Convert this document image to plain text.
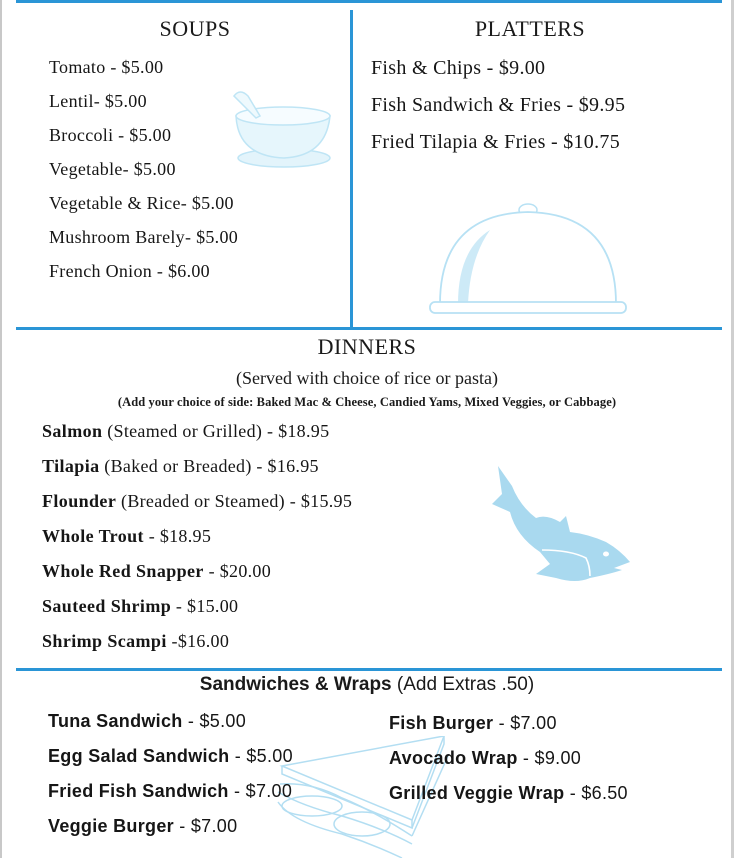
SOUPS
Tomato - $5.00
Lentil- $5.00
Broccoli - $5.00
Vegetable- $5.00
Vegetable & Rice- $5.00
Mushroom Barely- $5.00
French Onion - $6.00
PLATTERS
Fish & Chips - $9.00
Fish Sandwich & Fries - $9.95
Fried Tilapia & Fries - $10.75
DINNERS
(Served with choice of rice or pasta)
(Add your choice of side: Baked Mac & Cheese, Candied Yams, Mixed Veggies, or Cabbage)
Salmon (Steamed or Grilled) - $18.95
Tilapia (Baked or Breaded) - $16.95
Flounder (Breaded or Steamed) - $15.95
Whole Trout - $18.95
Whole Red Snapper - $20.00
Sauteed Shrimp - $15.00
Shrimp Scampi -$16.00
Sandwiches & Wraps (Add Extras .50)
Tuna Sandwich - $5.00
Egg Salad Sandwich - $5.00
Fried Fish Sandwich - $7.00
Veggie Burger - $7.00
Fish Burger - $7.00
Avocado Wrap - $9.00
Grilled Veggie Wrap - $6.50
